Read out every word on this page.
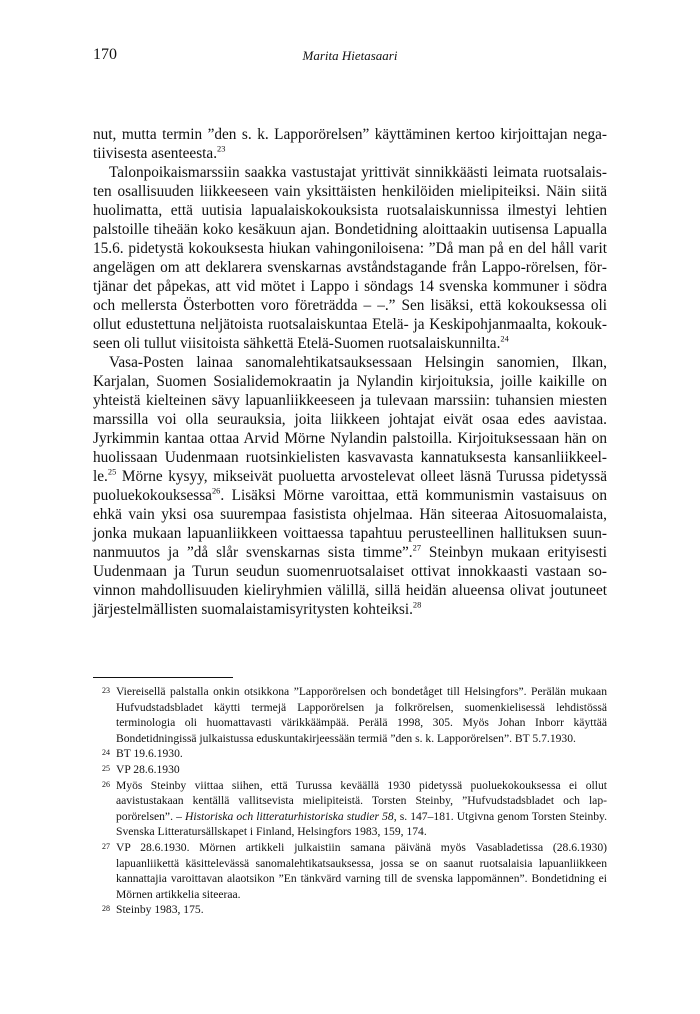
170	Marita Hietasaari

nut, mutta termin ”den s. k. Lapporörelsen” käyttäminen kertoo kirjoittajan negatiivisesta asenteesta.$^{23}$

Talonpoikaismarssiin saakka vastustajat yrittivät sinnikkäästi leimata ruotsalaisten osallisuuden liikkeeseen vain yksittäisten henkilöiden mielipiteiksi. Näin siitä huolimatta, että uutisia lapualaiskokouksista ruotsalaiskunnissa ilmestyi lehtien palstoille tiheään koko kesäkuun ajan. Bondetidning aloittaakin uutisensa Lapualla 15.6. pidetystä kokouksesta hiukan vahingoniloisena: ”Då man på en del håll varit angelägen om att deklarera svenskarnas avståndstagande från Lappo-rörelsen, förtjänar det påpekas, att vid mötet i Lappo i söndags 14 svenska kommuner i södra och mellersta Österbotten voro företrädda – –.” Sen lisäksi, että kokouksessa oli ollut edustettuna neljätoista ruotsalaiskuntaa Etelä- ja Keskipohjanmaalta, kokoukseen oli tullut viisitoista sähkettä Etelä-Suomen ruotsalaiskunnilta.$^{24}$

Vasa-Posten lainaa sanomalehtikatsauksessaan Helsingin sanomien, Ilkan, Karjalan, Suomen Sosialidemokraatin ja Nylandin kirjoituksia, joille kaikille on yhteistä kielteinen sävy lapuanliikkeeseen ja tulevaan marssiin: tuhansien miesten marssilla voi olla seurauksia, joita liikkeen johtajat eivät osaa edes aavistaa. Jyrkimmin kantaa ottaa Arvid Mörne Nylandin palstoilla. Kirjoituksessaan hän on huolissaan Uudenmaan ruotsinkielisten kasvavasta kannatuksesta kansanliikkeelle.$^{25}$ Mörne kysyy, mikseivät puoluetta arvostelevat olleet läsnä Turussa pidetyssä puoluekokouksessa$^{26}$. Lisäksi Mörne varoittaa, että kommunismin vastaisuus on ehkä vain yksi osa suurempaa fasistista ohjelmaa. Hän siteeraa Aitosuomalaista, jonka mukaan lapuanliikkeen voittaessa tapahtuu perusteellinen hallituksen suunnanmuutos ja ”då slår svenskarnas sista timme”.$^{27}$ Steinbyn mukaan erityisesti Uudenmaan ja Turun seudun suomenruotsalaiset ottivat innokkaasti vastaan sovinnon mahdollisuuden kieliryhmien välillä, sillä heidän alueensa olivat joutuneet järjestelmällisten suomalaistamisyritysten kohteiksi.$^{28}$

23 Viereisellä palstalla onkin otsikkona ”Lapporörelsen och bondetåget till Helsingfors”. Perälän mukaan Hufvudstadsbladet käytti termejä Lapporörelsen ja folkrörelsen, suomenkielisessä lehdistössä terminologia oli huomattavasti värikkäämpää. Perälä 1998, 305. Myös Johan Inborr käyttää Bondetidningissä julkaistussa eduskuntakirjeessään termiä ”den s. k. Lapporörelsen”. BT 5.7.1930.

24 BT 19.6.1930.

25 VP 28.6.1930

26 Myös Steinby viittaa siihen, että Turussa keväällä 1930 pidetyssä puoluekokouksessa ei ollut aavistustakaan kentällä vallitsevista mielipiteistä. Torsten Steinby, ”Hufvudstadsbladet och lapporörelsen”. – Historiska och litteraturhistoriska studier 58, s. 147–181. Utgivna genom Torsten Steinby. Svenska Litteratursällskapet i Finland, Helsingfors 1983, 159, 174.

27 VP 28.6.1930. Mörnen artikkeli julkaistiin samana päivänä myös Vasabladetissa (28.6.1930) lapuanliikettä käsittelevässä sanomalehtikatsauksessa, jossa se on saanut ruotsalaisia lapuanliikkeen kannattajia varoittavan alaotsikon ”En tänkvärd varning till de svenska lappomännen”. Bondetidning ei Mörnen artikkelia siteeraa.

28 Steinby 1983, 175.
